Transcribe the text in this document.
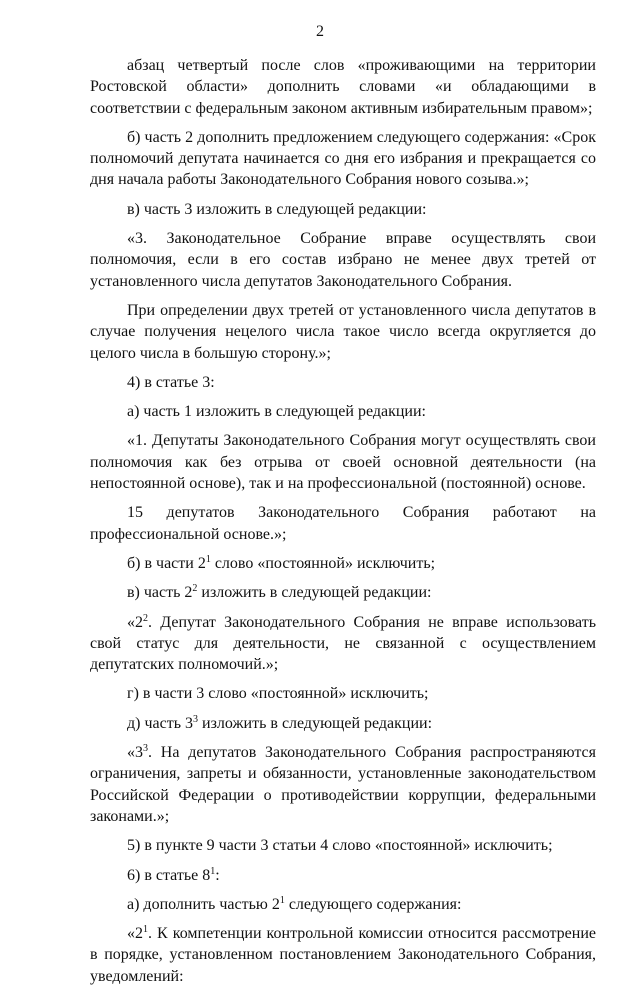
2

абзац четвертый после слов «проживающими на территории Ростовской области» дополнить словами «и обладающими в соответствии с федеральным законом активным избирательным правом»;

б) часть 2 дополнить предложением следующего содержания: «Срок полномочий депутата начинается со дня его избрания и прекращается со дня начала работы Законодательного Собрания нового созыва.»;

в) часть 3 изложить в следующей редакции:

«3. Законодательное Собрание вправе осуществлять свои полномочия, если в его состав избрано не менее двух третей от установленного числа депутатов Законодательного Собрания.

При определении двух третей от установленного числа депутатов в случае получения нецелого числа такое число всегда округляется до целого числа в большую сторону.»;

4) в статье 3:

а) часть 1 изложить в следующей редакции:

«1. Депутаты Законодательного Собрания могут осуществлять свои полномочия как без отрыва от своей основной деятельности (на непостоянной основе), так и на профессиональной (постоянной) основе.

15 депутатов Законодательного Собрания работают на профессиональной основе.»;

б) в части $2^1$ слово «постоянной» исключить;

в) часть $2^2$ изложить в следующей редакции:

«$2^2$. Депутат Законодательного Собрания не вправе использовать свой статус для деятельности, не связанной с осуществлением депутатских полномочий.»;

г) в части 3 слово «постоянной» исключить;

д) часть $3^3$ изложить в следующей редакции:

«$3^3$. На депутатов Законодательного Собрания распространяются ограничения, запреты и обязанности, установленные законодательством Российской Федерации о противодействии коррупции, федеральными законами.»;

5) в пункте 9 части 3 статьи 4 слово «постоянной» исключить;

6) в статье $8^1$:

а) дополнить частью $2^1$ следующего содержания:

«$2^1$. К компетенции контрольной комиссии относится рассмотрение в порядке, установленном постановлением Законодательного Собрания, уведомлений:
